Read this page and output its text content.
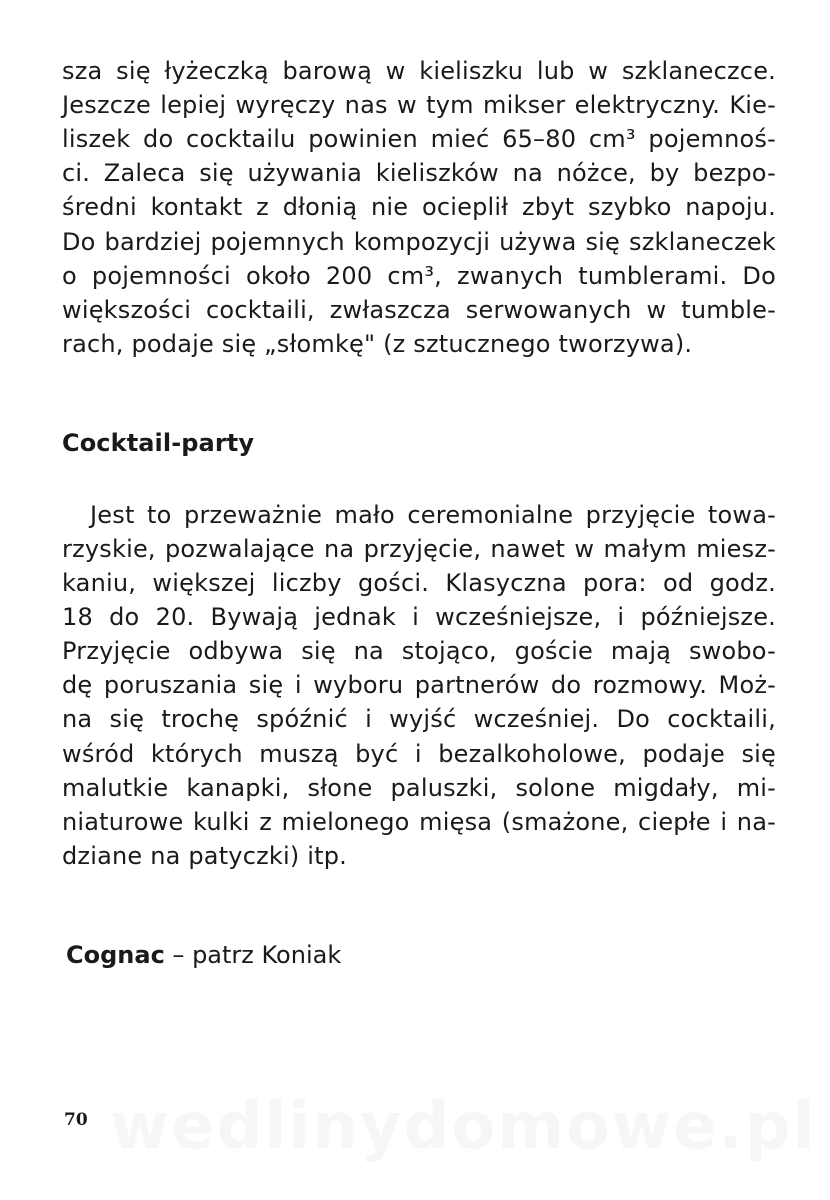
sza się łyżeczką barową w kieliszku lub w szklaneczce.
Jeszcze lepiej wyręczy nas w tym mikser elektryczny. Kie-
liszek do cocktailu powinien mieć 65–80 cm³ pojemnoś-
ci. Zaleca się używania kieliszków na nóżce, by bezpo-
średni kontakt z dłonią nie ocieplił zbyt szybko napoju.
Do bardziej pojemnych kompozycji używa się szklaneczek
o pojemności około 200 cm³, zwanych tumblerami. Do
większości cocktaili, zwłaszcza serwowanych w tumble-
rach, podaje się „słomkę" (z sztucznego tworzywa).
Cocktail-party
Jest to przeważnie mało ceremonialne przyjęcie towa-
rzyskie, pozwalające na przyjęcie, nawet w małym miesz-
kaniu, większej liczby gości. Klasyczna pora: od godz.
18 do 20. Bywają jednak i wcześniejsze, i późniejsze.
Przyjęcie odbywa się na stojąco, goście mają swobo-
dę poruszania się i wyboru partnerów do rozmowy. Moż-
na się trochę spóźnić i wyjść wcześniej. Do cocktaili,
wśród których muszą być i bezalkoholowe, podaje się
malutkie kanapki, słone paluszki, solone migdały, mi-
niaturowe kulki z mielonego mięsa (smażone, ciepłe i na-
dziane na patyczki) itp.
Cognac – patrz Koniak
70
